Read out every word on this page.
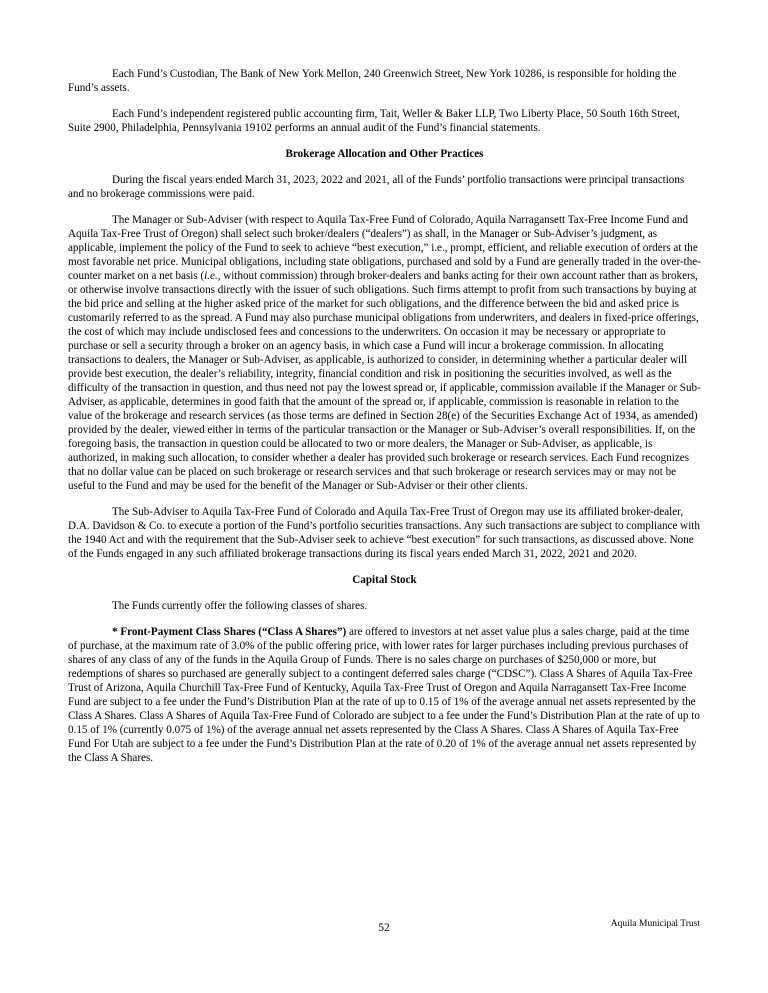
Each Fund’s Custodian, The Bank of New York Mellon, 240 Greenwich Street, New York 10286, is responsible for holding the Fund’s assets.

Each Fund’s independent registered public accounting firm, Tait, Weller & Baker LLP, Two Liberty Place, 50 South 16th Street, Suite 2900, Philadelphia, Pennsylvania 19102 performs an annual audit of the Fund’s financial statements.

Brokerage Allocation and Other Practices

During the fiscal years ended March 31, 2023, 2022 and 2021, all of the Funds’ portfolio transactions were principal transactions and no brokerage commissions were paid.

The Manager or Sub-Adviser (with respect to Aquila Tax-Free Fund of Colorado, Aquila Narragansett Tax-Free Income Fund and Aquila Tax-Free Trust of Oregon) shall select such broker/dealers (“dealers”) as shall, in the Manager or Sub-Adviser’s judgment, as applicable, implement the policy of the Fund to seek to achieve “best execution,” i.e., prompt, efficient, and reliable execution of orders at the most favorable net price. Municipal obligations, including state obligations, purchased and sold by a Fund are generally traded in the over-the-counter market on a net basis (i.e., without commission) through broker-dealers and banks acting for their own account rather than as brokers, or otherwise involve transactions directly with the issuer of such obligations. Such firms attempt to profit from such transactions by buying at the bid price and selling at the higher asked price of the market for such obligations, and the difference between the bid and asked price is customarily referred to as the spread. A Fund may also purchase municipal obligations from underwriters, and dealers in fixed-price offerings, the cost of which may include undisclosed fees and concessions to the underwriters. On occasion it may be necessary or appropriate to purchase or sell a security through a broker on an agency basis, in which case a Fund will incur a brokerage commission. In allocating transactions to dealers, the Manager or Sub-Adviser, as applicable, is authorized to consider, in determining whether a particular dealer will provide best execution, the dealer’s reliability, integrity, financial condition and risk in positioning the securities involved, as well as the difficulty of the transaction in question, and thus need not pay the lowest spread or, if applicable, commission available if the Manager or Sub-Adviser, as applicable, determines in good faith that the amount of the spread or, if applicable, commission is reasonable in relation to the value of the brokerage and research services (as those terms are defined in Section 28(e) of the Securities Exchange Act of 1934, as amended) provided by the dealer, viewed either in terms of the particular transaction or the Manager or Sub-Adviser’s overall responsibilities. If, on the foregoing basis, the transaction in question could be allocated to two or more dealers, the Manager or Sub-Adviser, as applicable, is authorized, in making such allocation, to consider whether a dealer has provided such brokerage or research services. Each Fund recognizes that no dollar value can be placed on such brokerage or research services and that such brokerage or research services may or may not be useful to the Fund and may be used for the benefit of the Manager or Sub-Adviser or their other clients.

The Sub-Adviser to Aquila Tax-Free Fund of Colorado and Aquila Tax-Free Trust of Oregon may use its affiliated broker-dealer, D.A. Davidson & Co. to execute a portion of the Fund’s portfolio securities transactions. Any such transactions are subject to compliance with the 1940 Act and with the requirement that the Sub-Adviser seek to achieve “best execution” for such transactions, as discussed above. None of the Funds engaged in any such affiliated brokerage transactions during its fiscal years ended March 31, 2022, 2021 and 2020.

Capital Stock

The Funds currently offer the following classes of shares.

* Front-Payment Class Shares (“Class A Shares”) are offered to investors at net asset value plus a sales charge, paid at the time of purchase, at the maximum rate of 3.0% of the public offering price, with lower rates for larger purchases including previous purchases of shares of any class of any of the funds in the Aquila Group of Funds. There is no sales charge on purchases of $250,000 or more, but redemptions of shares so purchased are generally subject to a contingent deferred sales charge (“CDSC”). Class A Shares of Aquila Tax-Free Trust of Arizona, Aquila Churchill Tax-Free Fund of Kentucky, Aquila Tax-Free Trust of Oregon and Aquila Narragansett Tax-Free Income Fund are subject to a fee under the Fund’s Distribution Plan at the rate of up to 0.15 of 1% of the average annual net assets represented by the Class A Shares. Class A Shares of Aquila Tax-Free Fund of Colorado are subject to a fee under the Fund’s Distribution Plan at the rate of up to 0.15 of 1% (currently 0.075 of 1%) of the average annual net assets represented by the Class A Shares. Class A Shares of Aquila Tax-Free Fund For Utah are subject to a fee under the Fund’s Distribution Plan at the rate of 0.20 of 1% of the average annual net assets represented by the Class A Shares.

52	Aquila Municipal Trust
